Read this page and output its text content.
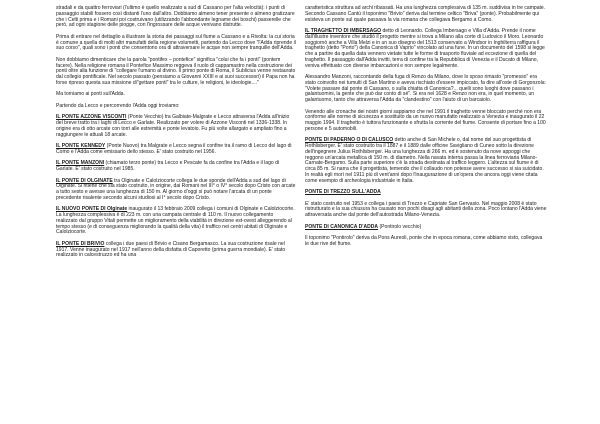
stradali e da quattro ferroviari (l'ultimo è quello realizzato a sud di Cassano per l'alta velocità): i punti di passaggio stabili fossero così distanti l'uno dall'altro. Dobbiamo almeno tener presente o almeno gratizzare che i Celti prima e i Romani poi costruivano (utilizzando l'abbondante legname dei boschi) passerelle che però, ad ogni stagione delle piogge, con l'ingrossare delle acque venivano distrutte.

Prima di entrare nel dettaglio a illustrare la storia dei passaggi sul fiume a Cassano e a Rivolta: la cui storia è comune a quella di molti altri manufatti della regione volumetti, partendo da Lecco dove "l'Adda riprende il suo corso", quali sono i ponti che consentono ora di attraversare le acque non sempre tranquille dell'Adda.

Non dobbiamo dimenticare che la parola "pontifex – pontefice" significa "colui che fa i ponti" (pontem facere). Nella religione romana il Pontefice Massimo reggeva il ruolo di cappamastro nella costruzione dei ponti oltre alla funzione di "collegare l'umano al divino. Il primo ponte di Roma, il Sublicius venne restaurato dal collegio pontificale. Nel secolo passato (pensiamo a Giovanni XXIII e ai suoi successori) il Papa non ha forse ripreso questa sua missione di"gettare ponti" tra le culture, le religioni, le ideologie...."

Ma torniamo ai ponti sull'Adda.

Partendo da Lecco e percorrendo l'Adda oggi troviamo:

IL PONTE AZZONE VISCONTI (Ponte Vecchio) tra Galbiate-Malgrate e Lecco attraversa l'Adda all'inizio del breve tratto tra i laghi di Lecco e Garlate. Realizzato per volere di Azzone Visconti nel 1336-1338. In origine era di otto arcate con torri alle estremità e ponte levatoio. Fu più volte allargato e ampliato fino a raggiungere le attuali 18 arcate.

IL PONTE KENNEDY (Ponte Nuovo) tra Malgrate e Lecco segna il confine tra il ramo di Lecco del lago di Como e l'Adda come emissario dello stesso. E' stato costruito nel 1956.

IL PONTE MANZONI (chiamato terzo ponte) tra Lecco e Pescate fa da confine tra l'Adda e il lago di Garlate. E' stato costruito nel 1985.

IL PONTE DI OLGINATE tra Olginate e Calolziocorte collega le due sponde dell'Adda a sud del lago di Olginate. Si ritiene che sia stato costruito, in origine, dai Romani nel III° o IV° secolo dopo Cristo con arcate a tutto sesto e avesse una lunghezza di 150 m. Al giorno d'oggi si può notare l'arcata di un ponte precedente risalente secondo alcuni studiosi al I° secolo dopo Cristo.

IL NUOVO PONTE DI Olginate inaugurato il 13 febbraio 2009 collega i comuni di Olginate e Calolziocorte. La lunghezza complessiva è di 223 m. con una campata centrale di 110 m. Il nuovo collegamento realizzato dal gruppo Vitali permette un miglioramento della viabilità in direzione est-ovest alleggerendo al tempo stesso (e di conseguenza migliorando la qualità della vita) il traffico nei centri abitati di Olginate e Calolziocorte.

IL PONTE DI BRIVIO collega i due paesi di Brivio e Cisano Bergamasco. La sua costruzione risale nel 1917. Venne inaugurato nel 1917 nell'anno della disfatta di Caporetto (prima guerra mondiale). E' stato realizzato in calcestruzzo ed ha una

caratteristica struttura ad archi ribassati. Ha una lunghezza complessiva di 135 m. suddivisa in tre campate. Secondo Cassano Cantù il toponimo "Brivio" deriva dal termine celtico "Briva" (ponte). Probabilmente qui esisteva un ponte sul quale passava la via romana che collegava Bergamo a Como.

IL TRAGHETTO DI IMBERSAGO detto di Leonardo. Collega Imbersago e Villa d'Adda. Prende il nome dall'illustre inventore che studiò il progetto mentre si trova a Milano alla corte di Ludovico il Moro. Leonardo soggiornò anche a Villa Melzi e in un suo disegno del 1513 conservato a Windsor in Inghilterra raffigura il traghetto (detto "Porto") della Canonica di Vaprio" vincolato ad una fune. In un documento del 1598 si legge che a partire da quella data vennero vietate tutte le forme di trasporto fluviale ad eccezione di quella del traghetto. Il passaggio dall'Adda invitti, terra di confine tra la Repubblica di Venezia e il Ducato di Milano, veniva effettuato con diverse imbarcazioni e non sempre legalmente.

Alessandro Manzoni, raccontando della fuga di Renzo da Milano, dove lo sposo rimasto "promesso" era stato coinvolto nei tumulti di San Martino e aveva rischiato d'essere impiccato, fa dire all'oste di Gorgonzola: "Volete passare dal ponte di Cassano, o sulla chiatta di Canonica?... quelli sono luoghi dove passano i galantuomini, la gente che può dar conto di sé". Si era nel 1628 e Renzo non era, in quel momento, un galantuomo, tanto che attraversa l'Adda da "clandestino" con l'aiuto di un barcaiolo.

Venendo alle cronache dei nostri giorni sappiamo che nel 1991 il traghetto venne bloccato perché non era conforme alle norme di sicurezza e sostituito da un nuovo manufatto realizzato a Venezia e inaugurato il 22 maggio 1994. Il traghetto è tuttora funzionante e sfrutta la corrente del fiume. Consente di portare fino a 100 persone e 5 automobili.

PONTE DI PADERNO O DI CALUSCO detto anche di San Michele o, dal nome del suo progettista di Rothlisberger. E' stato costruito tra il 1887 e il 1889 dalle officine Savigliano di Cuneo sotto la direzione dell'ingegnere Julius Rothlisberger. Ha una lunghezza di 266 m. ed è sostenuto da nove appoggi che reggono un'arcata metallica di 150 m. di diametro. Nella navata interna passa la linea ferroviaria Milano-Carnate-Bergamo. Sulla parte superiore c'è la strada destinata al traffico leggero. L'altezza sul fiume è di circa 85 m. Si narra che il progettista, temendo che il collaudo non potesse avere successo si sia suicidato. In realtà egli morì nel 1911 più di vent'anni dopo l'inaugurazione di un'opera che ancora oggi viene citata come esempio di archeologia industriale in Italia.

PONTE DI TREZZO SULL'ADDA

E' stato costruito nel 1953 e collega i paesi di Trezzo e Capriate San Gervasio. Nel maggio 2008 è stato ristrutturato e la sua chiusura ha causato non pochi disagi agli abitanti della zona. Poco lontano l'Adda viene attraversata anche dal ponte dell'autostrada Milano-Venezia.

PONTE DI CANONICA D'ADDA (Pontirolo vecchio)

Il toponimo "Pontirolo" deriva da Pons Aureoli, ponte che in epoca romana, come abbiamo visto, collegava le due rive del fiume.
